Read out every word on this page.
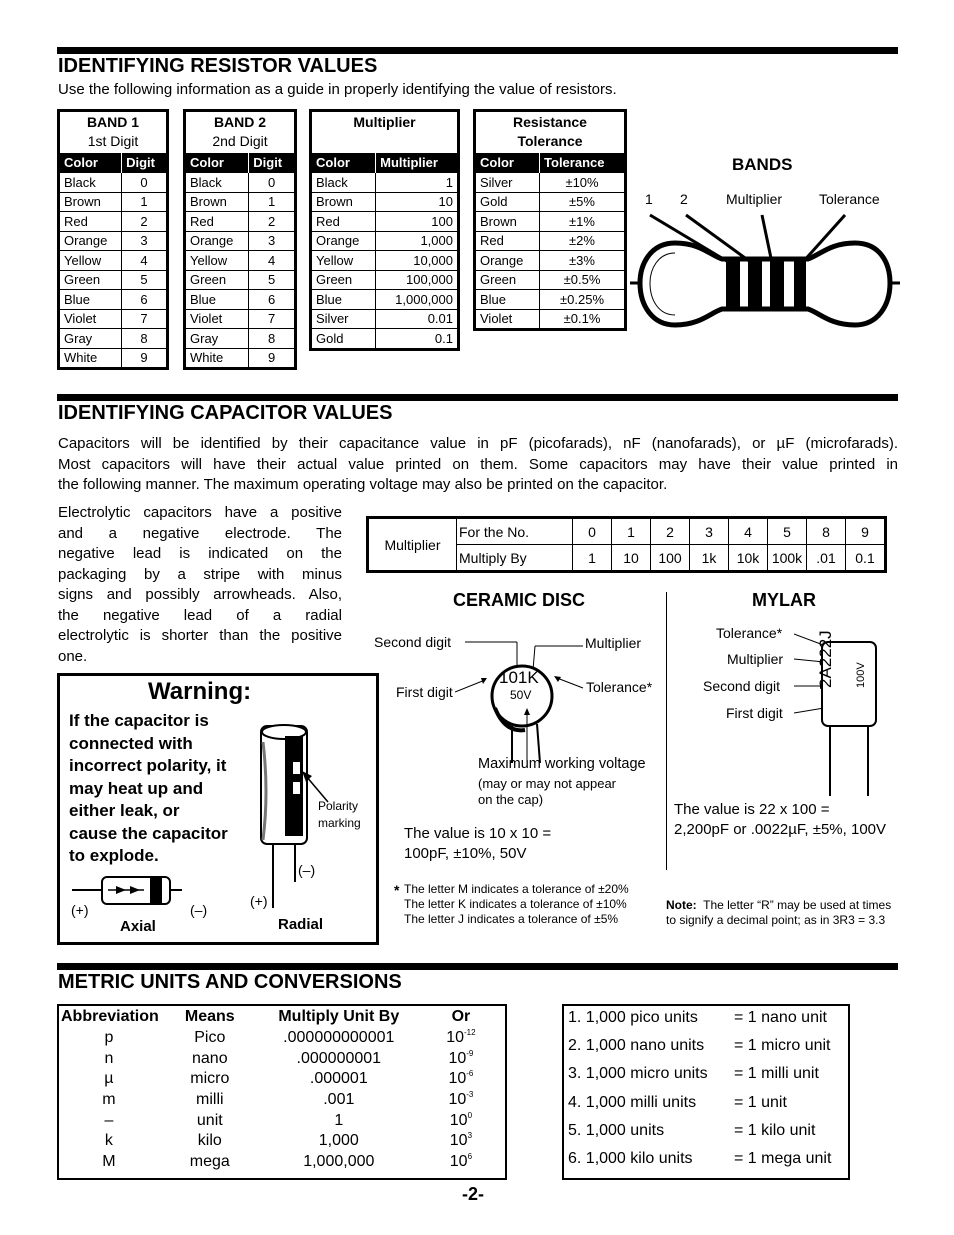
IDENTIFYING RESISTOR VALUES
Use the following information as a guide in properly identifying the value of resistors.
BAND 1
1st Digit
Color	Digit
Black	0
Brown	1
Red	2
Orange	3
Yellow	4
Green	5
Blue	6
Violet	7
Gray	8
White	9
BAND 2
2nd Digit
Color	Digit
Black	0
Brown	1
Red	2
Orange	3
Yellow	4
Green	5
Blue	6
Violet	7
Gray	8
White	9
Multiplier
Color	Multiplier
Black	1
Brown	10
Red	100
Orange	1,000
Yellow	10,000
Green	100,000
Blue	1,000,000
Silver	0.01
Gold	0.1
Resistance
Tolerance
Color	Tolerance
Silver	±10%
Gold	±5%
Brown	±1%
Red	±2%
Orange	±3%
Green	±0.5%
Blue	±0.25%
Violet	±0.1%
BANDS
1 2	Multiplier	Tolerance
IDENTIFYING CAPACITOR VALUES
Capacitors will be identified by their capacitance value in pF (picofarads), nF (nanofarads), or µF (microfarads).
Most capacitors will have their actual value printed on them. Some capacitors may have their value printed in
the following manner. The maximum operating voltage may also be printed on the capacitor.
Electrolytic capacitors have a positive
and a negative electrode. The
negative lead is indicated on the
packaging by a stripe with minus
signs and possibly arrowheads. Also,
the negative lead of a radial
electrolytic is shorter than the positive
one.
Multiplier	For the No.	0	1	2	3	4	5	8	9
	Multiply By	1	10	100	1k	10k	100k	.01	0.1
Warning:
If the capacitor is
connected with
incorrect polarity, it
may heat up and
either leak, or
cause the capacitor
to explode.
Polarity
marking
(–)
(+)
(+)	(–)
Axial	Radial
CERAMIC DISC
Second digit	Multiplier
First digit	Tolerance*
101K
50V
Maximum working voltage
(may or may not appear
on the cap)
The value is 10 x 10 =
100pF, ±10%, 50V
MYLAR
Tolerance*
Multiplier
Second digit
First digit
2A222J 100V
The value is 22 x 100 =
2,200pF or .0022µF, ±5%, 100V
* The letter M indicates a tolerance of ±20%
The letter K indicates a tolerance of ±10%
The letter J indicates a tolerance of ±5%
Note: The letter “R” may be used at times
to signify a decimal point; as in 3R3 = 3.3
METRIC UNITS AND CONVERSIONS
Abbreviation	Means	Multiply Unit By	Or
p	Pico	.000000000001	$10^{-12}$
n	nano	.000000001	$10^{-9}$
µ	micro	.000001	$10^{-6}$
m	milli	.001	$10^{-3}$
–	unit	1	$10^0$
k	kilo	1,000	$10^3$
M	mega	1,000,000	$10^6$
1. 1,000 pico units = 1 nano unit
2. 1,000 nano units = 1 micro unit
3. 1,000 micro units = 1 milli unit
4. 1,000 milli units = 1 unit
5. 1,000 units	= 1 kilo unit
6. 1,000 kilo units	= 1 mega unit
-2-
